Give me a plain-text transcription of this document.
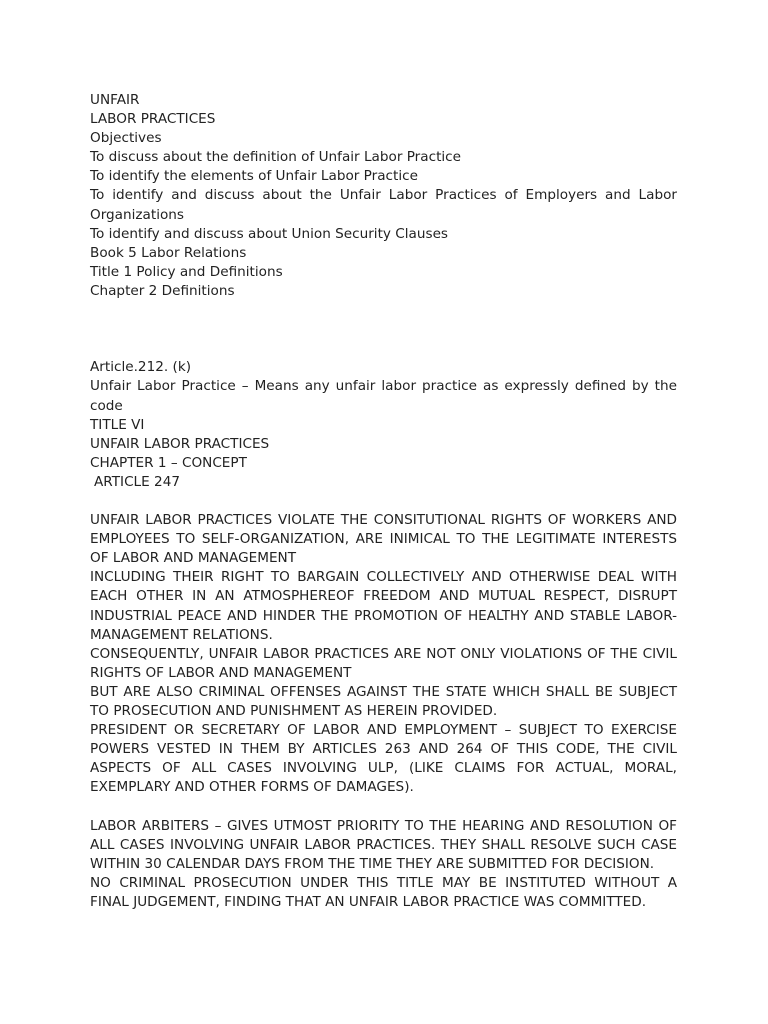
UNFAIR
LABOR PRACTICES
Objectives
To discuss about the definition of Unfair Labor Practice
To identify the elements of Unfair Labor Practice
To identify and discuss about the Unfair Labor Practices of Employers and Labor Organizations
To identify and discuss about Union Security Clauses
Book 5 Labor Relations
Title 1 Policy and Definitions
Chapter 2 Definitions
Article.212. (k)
Unfair Labor Practice – Means any unfair labor practice as expressly defined by the code
TITLE VI
UNFAIR LABOR PRACTICES
CHAPTER 1 – CONCEPT
ARTICLE 247
UNFAIR LABOR PRACTICES VIOLATE THE CONSITUTIONAL RIGHTS OF WORKERS AND EMPLOYEES TO SELF-ORGANIZATION, ARE INIMICAL TO THE LEGITIMATE INTERESTS OF LABOR AND MANAGEMENT
INCLUDING THEIR RIGHT TO BARGAIN COLLECTIVELY AND OTHERWISE DEAL WITH EACH OTHER IN AN ATMOSPHEREOF FREEDOM AND MUTUAL RESPECT, DISRUPT INDUSTRIAL PEACE AND HINDER THE PROMOTION OF HEALTHY AND STABLE LABOR-MANAGEMENT RELATIONS.
CONSEQUENTLY, UNFAIR LABOR PRACTICES ARE NOT ONLY VIOLATIONS OF THE CIVIL RIGHTS OF LABOR AND MANAGEMENT
BUT ARE ALSO CRIMINAL OFFENSES AGAINST THE STATE WHICH SHALL BE SUBJECT TO PROSECUTION AND PUNISHMENT AS HEREIN PROVIDED.
PRESIDENT OR SECRETARY OF LABOR AND EMPLOYMENT – SUBJECT TO EXERCISE POWERS VESTED IN THEM BY ARTICLES 263 AND 264 OF THIS CODE, THE CIVIL ASPECTS OF ALL CASES INVOLVING ULP, (LIKE CLAIMS FOR ACTUAL, MORAL, EXEMPLARY AND OTHER FORMS OF DAMAGES).
LABOR ARBITERS – GIVES UTMOST PRIORITY TO THE HEARING AND RESOLUTION OF ALL CASES INVOLVING UNFAIR LABOR PRACTICES. THEY SHALL RESOLVE SUCH CASE WITHIN 30 CALENDAR DAYS FROM THE TIME THEY ARE SUBMITTED FOR DECISION.
NO CRIMINAL PROSECUTION UNDER THIS TITLE MAY BE INSTITUTED WITHOUT A FINAL JUDGEMENT, FINDING THAT AN UNFAIR LABOR PRACTICE WAS COMMITTED.
